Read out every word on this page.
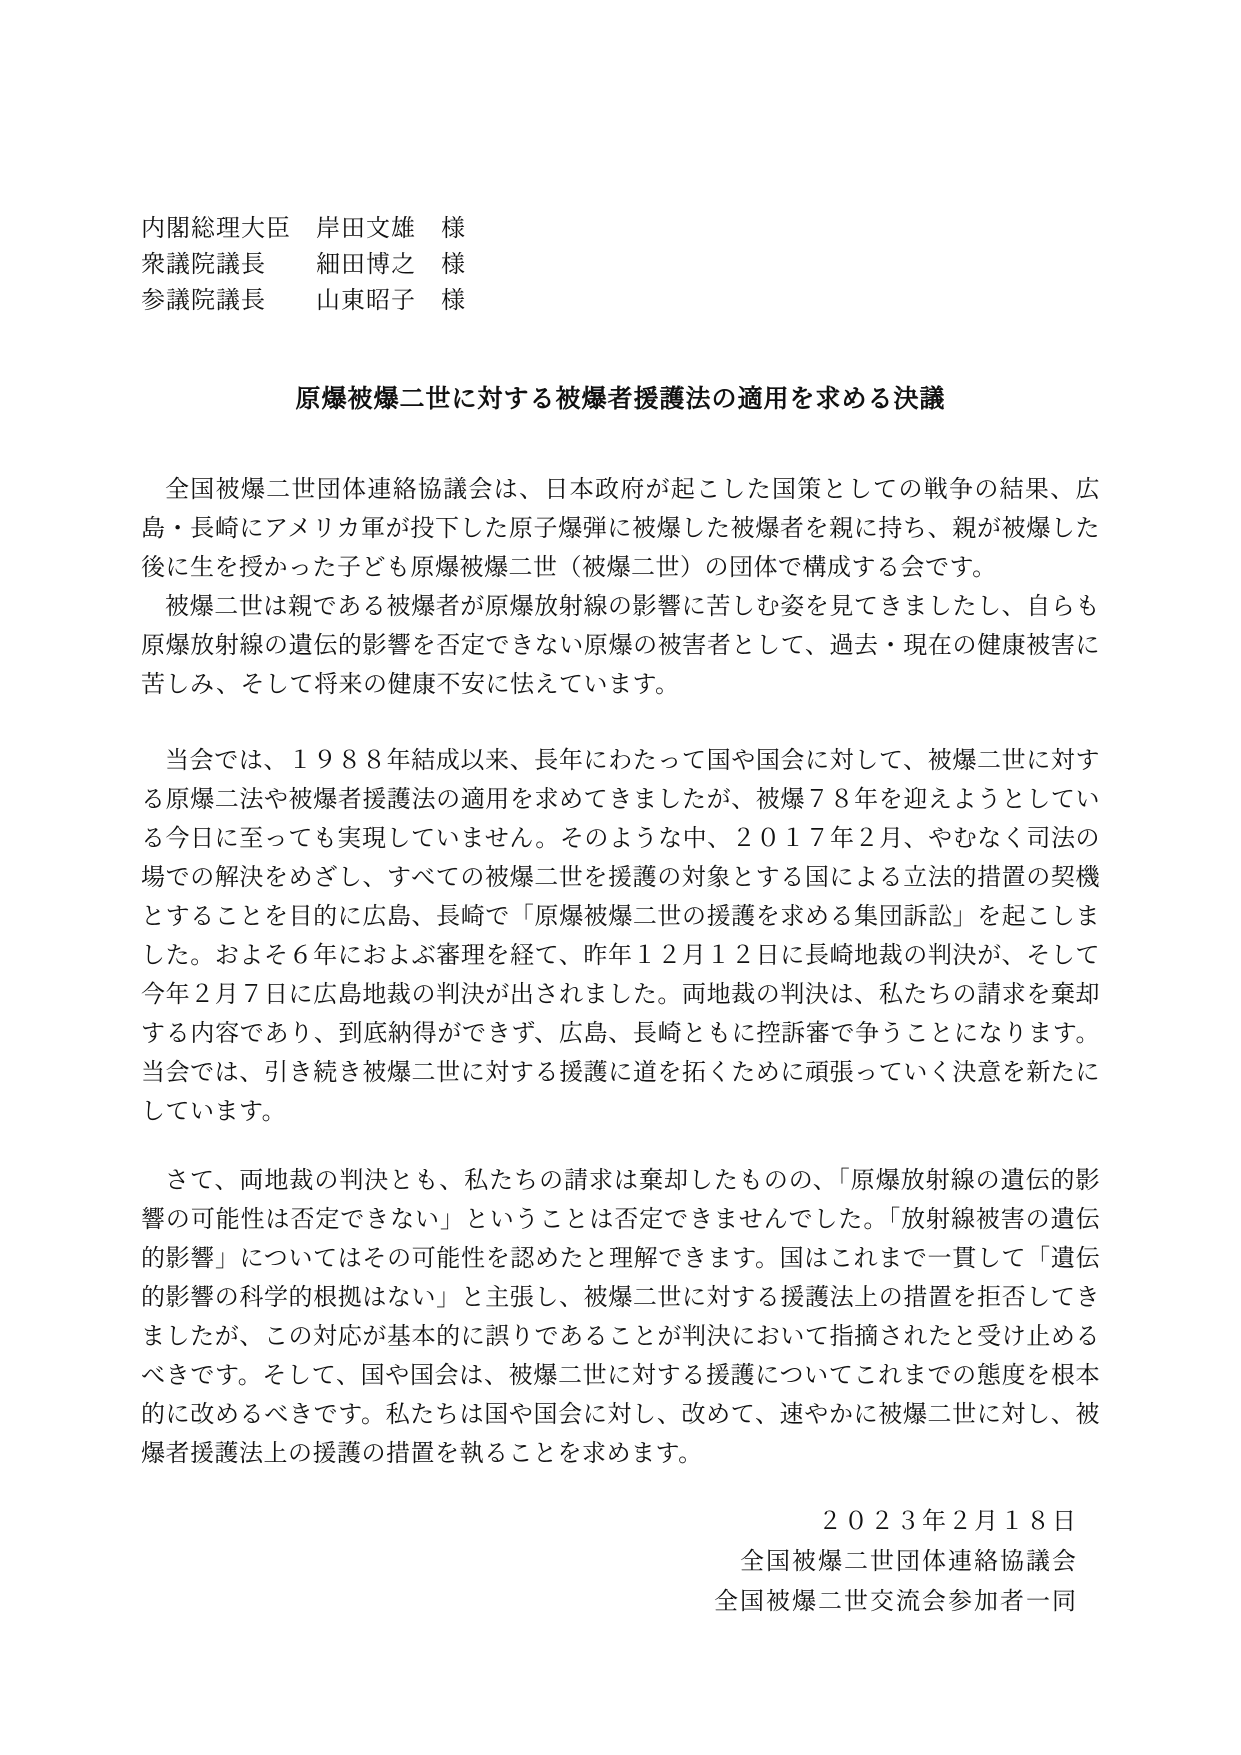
内閣総理大臣　岸田文雄　様

衆議院議長　　細田博之　様

参議院議長　　山東昭子　様

原爆被爆二世に対する被爆者援護法の適用を求める決議

全国被爆二世団体連絡協議会は、日本政府が起こした国策としての戦争の結果、広島・長崎にアメリカ軍が投下した原子爆弾に被爆した被爆者を親に持ち、親が被爆した後に生を授かった子ども原爆被爆二世（被爆二世）の団体で構成する会です。

被爆二世は親である被爆者が原爆放射線の影響に苦しむ姿を見てきましたし、自らも原爆放射線の遺伝的影響を否定できない原爆の被害者として、過去・現在の健康被害に苦しみ、そして将来の健康不安に怯えています。

当会では、１９８８年結成以来、長年にわたって国や国会に対して、被爆二世に対する原爆二法や被爆者援護法の適用を求めてきましたが、被爆７８年を迎えようとしている今日に至っても実現していません。そのような中、２０１７年２月、やむなく司法の場での解決をめざし、すべての被爆二世を援護の対象とする国による立法的措置の契機とすることを目的に広島、長崎で「原爆被爆二世の援護を求める集団訴訟」を起こしました。およそ６年におよぶ審理を経て、昨年１２月１２日に長崎地裁の判決が、そして今年２月７日に広島地裁の判決が出されました。両地裁の判決は、私たちの請求を棄却する内容であり、到底納得ができず、広島、長崎ともに控訴審で争うことになります。当会では、引き続き被爆二世に対する援護に道を拓くために頑張っていく決意を新たにしています。

さて、両地裁の判決とも、私たちの請求は棄却したものの、「原爆放射線の遺伝的影響の可能性は否定できない」ということは否定できませんでした。「放射線被害の遺伝的影響」についてはその可能性を認めたと理解できます。国はこれまで一貫して「遺伝的影響の科学的根拠はない」と主張し、被爆二世に対する援護法上の措置を拒否してきましたが、この対応が基本的に誤りであることが判決において指摘されたと受け止めるべきです。そして、国や国会は、被爆二世に対する援護についてこれまでの態度を根本的に改めるべきです。私たちは国や国会に対し、改めて、速やかに被爆二世に対し、被爆者援護法上の援護の措置を執ることを求めます。

２０２３年２月１８日

全国被爆二世団体連絡協議会

全国被爆二世交流会参加者一同
